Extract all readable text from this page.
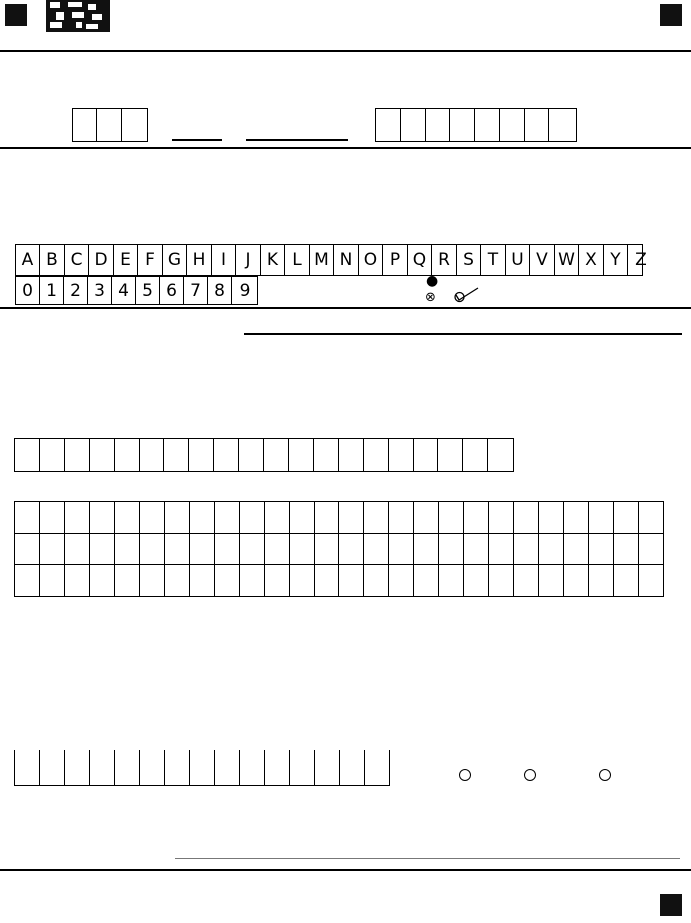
A B C D E F G H I	J K L M N O P Q R S T U V W X Y Z
0 1 2 3 4 5 6 7 8 9	●
⊗
